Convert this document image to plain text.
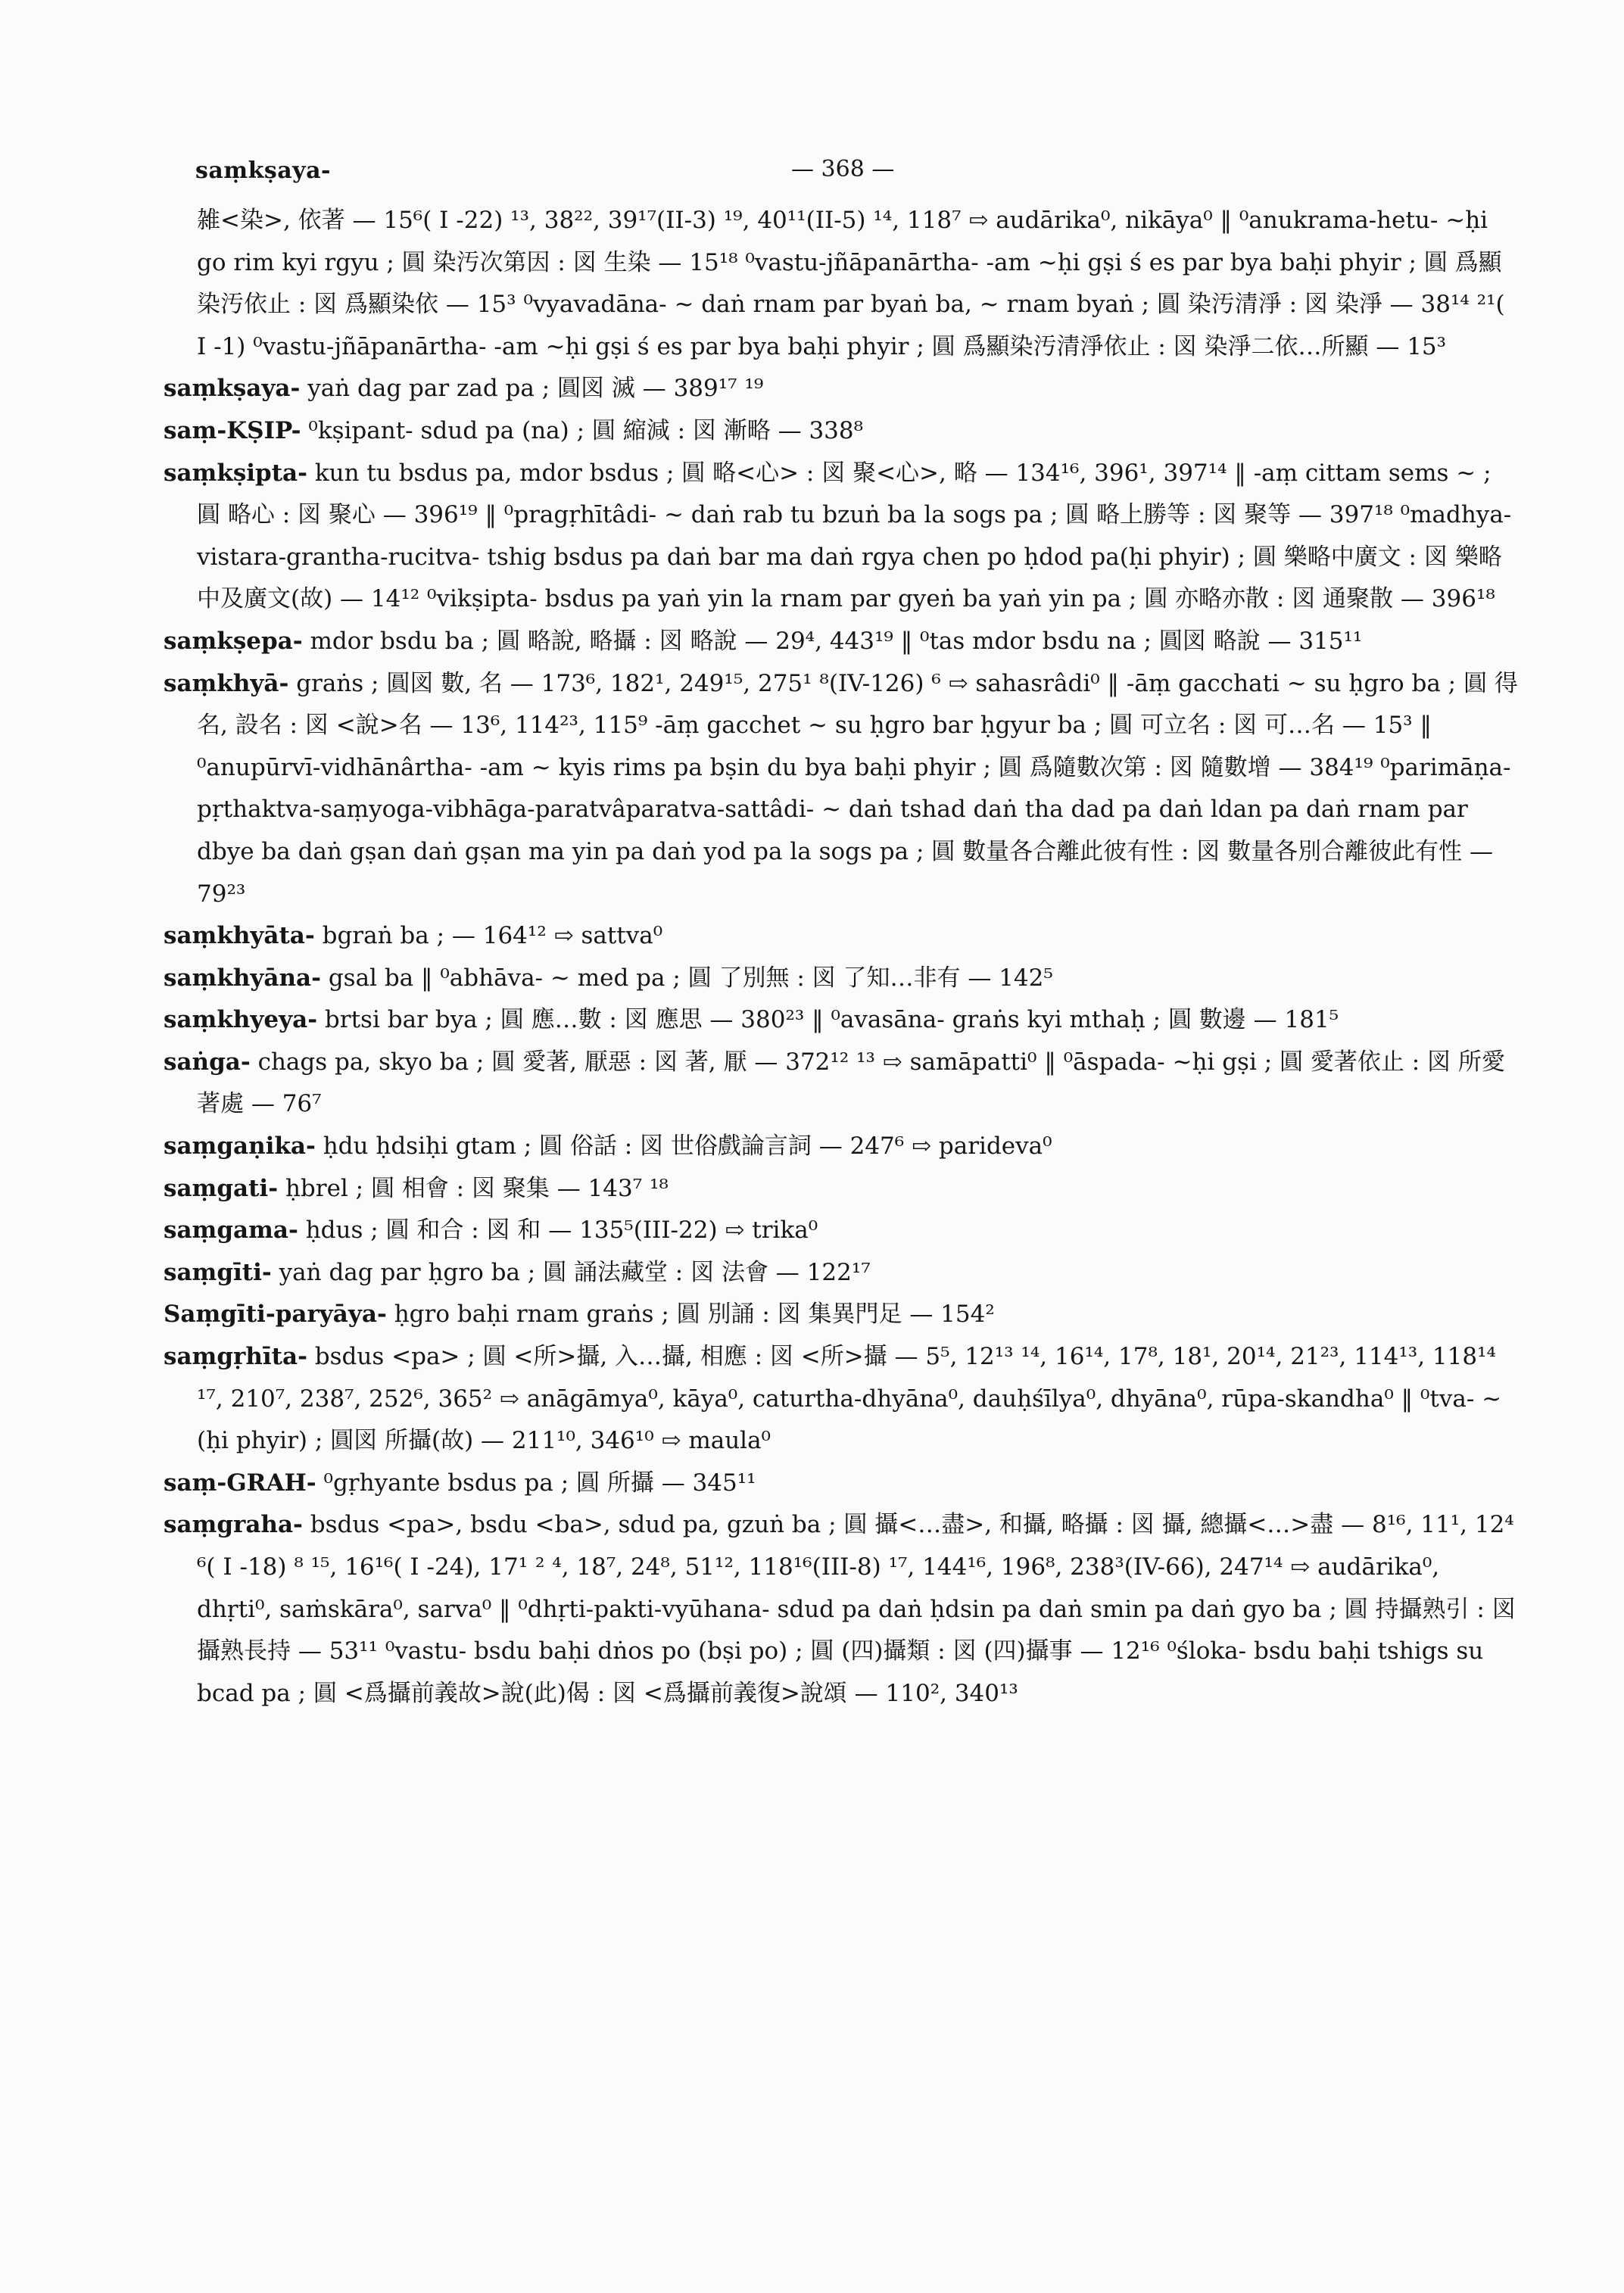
saṃkṣaya-	— 368 —
雑<染>, 依著 — 15⁶( I -22) ¹³, 38²², 39¹⁷(II-3) ¹⁹, 40¹¹(II-5) ¹⁴, 118⁷ ⇨ audārika⁰, nikāya⁰ ‖ ⁰anukrama-hetu- ~ḥi go rim kyi rgyu ; 圓 染汚次第因 : 図 生染 — 15¹⁸ ⁰vastu-jñāpanārtha- -am ~ḥi gṣi ś es par bya baḥi phyir ; 圓 爲顯染汚依止 : 図 爲顯染依 — 15³ ⁰vyavadāna- ~ daṅ rnam par byaṅ ba, ~ rnam byaṅ ; 圓 染汚清淨 : 図 染淨 — 38¹⁴ ²¹( I -1) ⁰vastu-jñāpanārtha- -am ~ḥi gṣi ś es par bya baḥi phyir ; 圓 爲顯染汚清淨依止 : 図 染淨二依…所顯 — 15³
saṃkṣaya- yaṅ dag par zad pa ; 圓図 滅 — 389¹⁷ ¹⁹
saṃ-KṢIP- ⁰kṣipant- sdud pa (na) ; 圓 縮減 : 図 漸略 — 338⁸
saṃkṣipta- kun tu bsdus pa, mdor bsdus ; 圓 略<心> : 図 聚<心>, 略 — 134¹⁶, 396¹, 397¹⁴ ‖ -aṃ cittam sems ~ ; 圓 略心 : 図 聚心 — 396¹⁹ ‖ ⁰pragṛhītâdi- ~ daṅ rab tu bzuṅ ba la sogs pa ; 圓 略上勝等 : 図 聚等 — 397¹⁸ ⁰madhya-vistara-grantha-rucitva- tshig bsdus pa daṅ bar ma daṅ rgya chen po ḥdod pa(ḥi phyir) ; 圓 樂略中廣文 : 図 樂略中及廣文(故) — 14¹² ⁰vikṣipta- bsdus pa yaṅ yin la rnam par gyeṅ ba yaṅ yin pa ; 圓 亦略亦散 : 図 通聚散 — 396¹⁸
saṃkṣepa- mdor bsdu ba ; 圓 略說, 略攝 : 図 略說 — 29⁴, 443¹⁹ ‖ ⁰tas mdor bsdu na ; 圓図 略說 — 315¹¹
saṃkhyā- graṅs ; 圓図 數, 名 — 173⁶, 182¹, 249¹⁵, 275¹ ⁸(IV-126) ⁶ ⇨ sahasrâdi⁰ ‖ -āṃ gacchati ~ su ḥgro ba ; 圓 得名, 設名 : 図 <說>名 — 13⁶, 114²³, 115⁹ -āṃ gacchet ~ su ḥgro bar ḥgyur ba ; 圓 可立名 : 図 可…名 — 15³ ‖ ⁰anupūrvī-vidhānârtha- -am ~ kyis rims pa bṣin du bya baḥi phyir ; 圓 爲隨數次第 : 図 隨數增 — 384¹⁹ ⁰parimāṇa-pṛthaktva-saṃyoga-vibhāga-paratvâparatva-sattâdi- ~ daṅ tshad daṅ tha dad pa daṅ ldan pa daṅ rnam par dbye ba daṅ gṣan daṅ gṣan ma yin pa daṅ yod pa la sogs pa ; 圓 數量各合離此彼有性 : 図 數量各別合離彼此有性 — 79²³
saṃkhyāta- bgraṅ ba ; — 164¹² ⇨ sattva⁰
saṃkhyāna- gsal ba ‖ ⁰abhāva- ~ med pa ; 圓 了別無 : 図 了知…非有 — 142⁵
saṃkhyeya- brtsi bar bya ; 圓 應…數 : 図 應思 — 380²³ ‖ ⁰avasāna- graṅs kyi mthaḥ ; 圓 數邊 — 181⁵
saṅga- chags pa, skyo ba ; 圓 愛著, 厭惡 : 図 著, 厭 — 372¹² ¹³ ⇨ samāpatti⁰ ‖ ⁰āspada- ~ḥi gṣi ; 圓 愛著依止 : 図 所愛著處 — 76⁷
saṃgaṇika- ḥdu ḥdsiḥi gtam ; 圓 俗話 : 図 世俗戲論言詞 — 247⁶ ⇨ parideva⁰
saṃgati- ḥbrel ; 圓 相會 : 図 聚集 — 143⁷ ¹⁸
saṃgama- ḥdus ; 圓 和合 : 図 和 — 135⁵(III-22) ⇨ trika⁰
saṃgīti- yaṅ dag par ḥgro ba ; 圓 誦法藏堂 : 図 法會 — 122¹⁷
Saṃgīti-paryāya- ḥgro baḥi rnam graṅs ; 圓 別誦 : 図 集異門足 — 154²
saṃgṛhīta- bsdus <pa> ; 圓 <所>攝, 入…攝, 相應 : 図 <所>攝 — 5⁵, 12¹³ ¹⁴, 16¹⁴, 17⁸, 18¹, 20¹⁴, 21²³, 114¹³, 118¹⁴ ¹⁷, 210⁷, 238⁷, 252⁶, 365² ⇨ anāgāmya⁰, kāya⁰, caturtha-dhyāna⁰, dauḥśīlya⁰, dhyāna⁰, rūpa-skandha⁰ ‖ ⁰tva- ~(ḥi phyir) ; 圓図 所攝(故) — 211¹⁰, 346¹⁰ ⇨ maula⁰
saṃ-GRAH- ⁰gṛhyante bsdus pa ; 圓 所攝 — 345¹¹
saṃgraha- bsdus <pa>, bsdu <ba>, sdud pa, gzuṅ ba ; 圓 攝<…盡>, 和攝, 略攝 : 図 攝, 總攝<…>盡 — 8¹⁶, 11¹, 12⁴ ⁶( I -18) ⁸ ¹⁵, 16¹⁶( I -24), 17¹ ² ⁴, 18⁷, 24⁸, 51¹², 118¹⁶(III-8) ¹⁷, 144¹⁶, 196⁸, 238³(IV-66), 247¹⁴ ⇨ audārika⁰, dhṛti⁰, saṁskāra⁰, sarva⁰ ‖ ⁰dhṛti-pakti-vyūhana- sdud pa daṅ ḥdsin pa daṅ smin pa daṅ gyo ba ; 圓 持攝熟引 : 図 攝熟長持 — 53¹¹ ⁰vastu- bsdu baḥi dṅos po (bṣi po) ; 圓 (四)攝類 : 図 (四)攝事 — 12¹⁶ ⁰śloka- bsdu baḥi tshigs su bcad pa ; 圓 <爲攝前義故>說(此)偈 : 図 <爲攝前義復>說頌 — 110², 340¹³
